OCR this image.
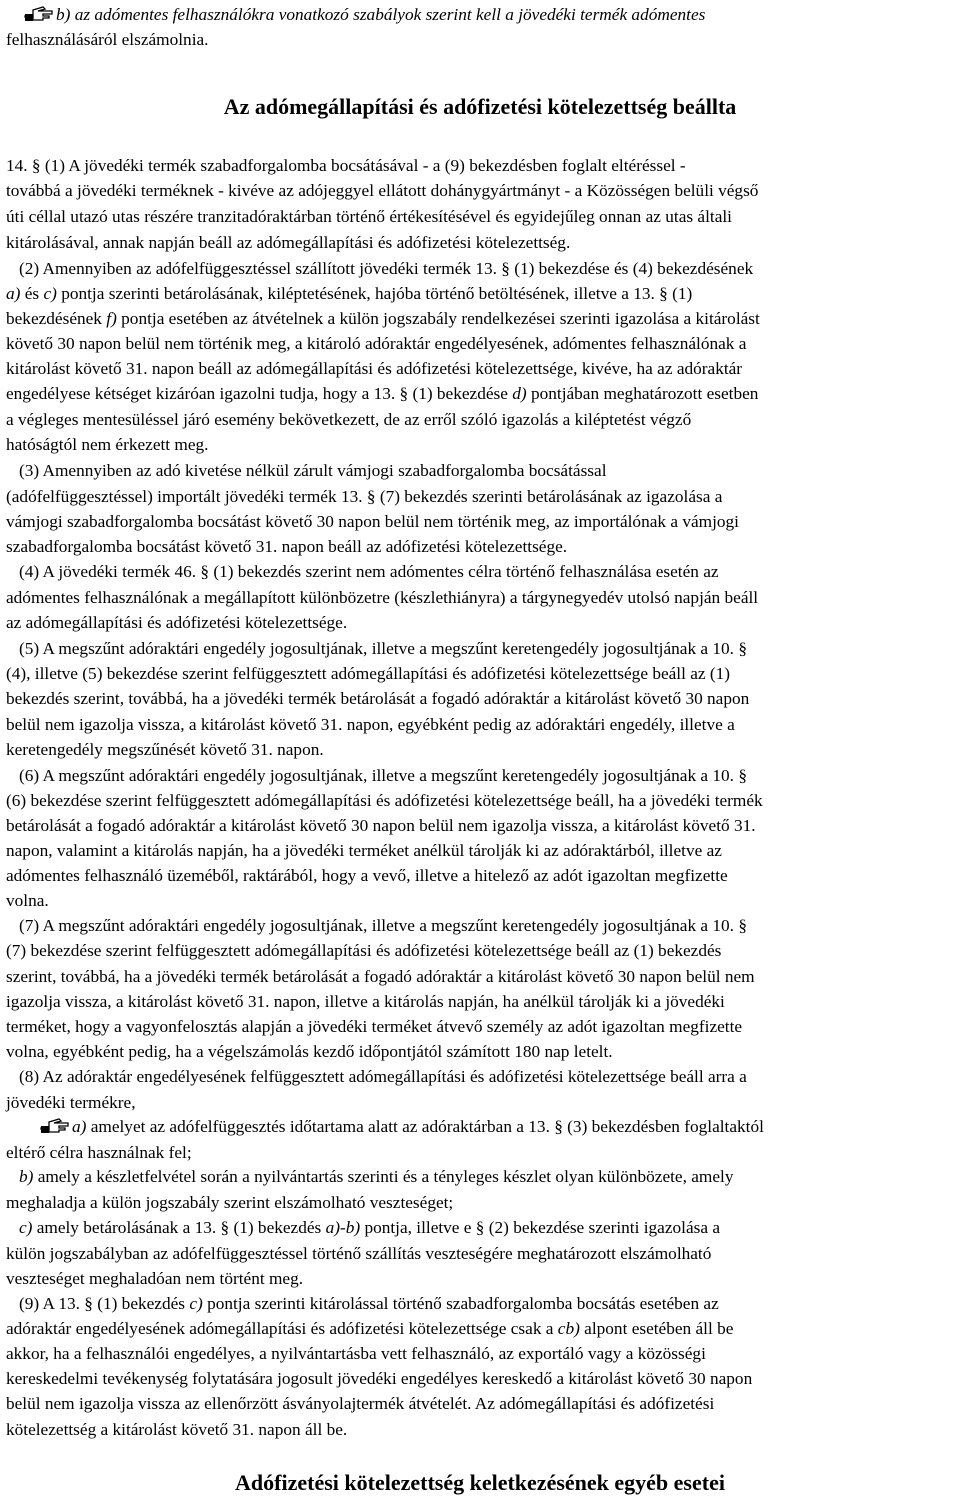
b) az adómentes felhasználókra vonatkozó szabályok szerint kell a jövedéki termék adómentes
felhasználásáról elszámolnia.
14. § (1) A jövedéki termék szabadforgalomba bocsátásával - a (9) bekezdésben foglalt eltéréssel -
továbbá a jövedéki terméknek - kivéve az adójeggyel ellátott dohánygyártmányt - a Közösségen belüli végső
úti céllal utazó utas részére tranzitadóraktárban történő értékesítésével és egyidejűleg onnan az utas általi
kitárolásával, annak napján beáll az adómegállapítási és adófizetési kötelezettség.
(2) Amennyiben az adófelfüggesztéssel szállított jövedéki termék 13. § (1) bekezdése és (4) bekezdésének
a) és c) pontja szerinti betárolásának, kiléptetésének, hajóba történő betöltésének, illetve a 13. § (1)
bekezdésének f) pontja esetében az átvételnek a külön jogszabály rendelkezései szerinti igazolása a kitárolást
követő 30 napon belül nem történik meg, a kitároló adóraktár engedélyesének, adómentes felhasználónak a
kitárolást követő 31. napon beáll az adómegállapítási és adófizetési kötelezettsége, kivéve, ha az adóraktár
engedélyese kétséget kizáróan igazolni tudja, hogy a 13. § (1) bekezdése d) pontjában meghatározott esetben
a végleges mentesüléssel járó esemény bekövetkezett, de az erről szóló igazolás a kiléptetést végző
hatóságtól nem érkezett meg.
(3) Amennyiben az adó kivetése nélkül zárult vámjogi szabadforgalomba bocsátással
(adófelfüggesztéssel) importált jövedéki termék 13. § (7) bekezdés szerinti betárolásának az igazolása a
vámjogi szabadforgalomba bocsátást követő 30 napon belül nem történik meg, az importálónak a vámjogi
szabadforgalomba bocsátást követő 31. napon beáll az adófizetési kötelezettsége.
(4) A jövedéki termék 46. § (1) bekezdés szerint nem adómentes célra történő felhasználása esetén az
adómentes felhasználónak a megállapított különbözetre (készlethiányra) a tárgynegyedév utolsó napján beáll
az adómegállapítási és adófizetési kötelezettsége.
(5) A megszűnt adóraktári engedély jogosultjának, illetve a megszűnt keretengedély jogosultjának a 10. §
(4), illetve (5) bekezdése szerint felfüggesztett adómegállapítási és adófizetési kötelezettsége beáll az (1)
bekezdés szerint, továbbá, ha a jövedéki termék betárolását a fogadó adóraktár a kitárolást követő 30 napon
belül nem igazolja vissza, a kitárolást követő 31. napon, egyébként pedig az adóraktári engedély, illetve a
keretengedély megszűnését követő 31. napon.
(6) A megszűnt adóraktári engedély jogosultjának, illetve a megszűnt keretengedély jogosultjának a 10. §
(6) bekezdése szerint felfüggesztett adómegállapítási és adófizetési kötelezettsége beáll, ha a jövedéki termék
betárolását a fogadó adóraktár a kitárolást követő 30 napon belül nem igazolja vissza, a kitárolást követő 31.
napon, valamint a kitárolás napján, ha a jövedéki terméket anélkül tárolják ki az adóraktárból, illetve az
adómentes felhasználó üzeméből, raktárából, hogy a vevő, illetve a hitelező az adót igazoltan megfizette
volna.
(7) A megszűnt adóraktári engedély jogosultjának, illetve a megszűnt keretengedély jogosultjának a 10. §
(7) bekezdése szerint felfüggesztett adómegállapítási és adófizetési kötelezettsége beáll az (1) bekezdés
szerint, továbbá, ha a jövedéki termék betárolását a fogadó adóraktár a kitárolást követő 30 napon belül nem
igazolja vissza, a kitárolást követő 31. napon, illetve a kitárolás napján, ha anélkül tárolják ki a jövedéki
terméket, hogy a vagyonfelosztás alapján a jövedéki terméket átvevő személy az adót igazoltan megfizette
volna, egyébként pedig, ha a végelszámolás kezdő időpontjától számított 180 nap letelt.
(8) Az adóraktár engedélyesének felfüggesztett adómegállapítási és adófizetési kötelezettsége beáll arra a
jövedéki termékre,
a) amelyet az adófelfüggesztés időtartama alatt az adóraktárban a 13. § (3) bekezdésben foglaltaktól
eltérő célra használnak fel;
b) amely a készletfelvétel során a nyilvántartás szerinti és a tényleges készlet olyan különbözete, amely
meghaladja a külön jogszabály szerint elszámolható veszteséget;
c) amely betárolásának a 13. § (1) bekezdés a)-b) pontja, illetve e § (2) bekezdése szerinti igazolása a
külön jogszabályban az adófelfüggesztéssel történő szállítás veszteségére meghatározott elszámolható
veszteséget meghaladóan nem történt meg.
(9) A 13. § (1) bekezdés c) pontja szerinti kitárolással történő szabadforgalomba bocsátás esetében az
adóraktár engedélyesének adómegállapítási és adófizetési kötelezettsége csak a cb) alpont esetében áll be
akkor, ha a felhasználói engedélyes, a nyilvántartásba vett felhasználó, az exportáló vagy a közösségi
kereskedelmi tevékenység folytatására jogosult jövedéki engedélyes kereskedő a kitárolást követő 30 napon
belül nem igazolja vissza az ellenőrzött ásványolajtermék átvételét. Az adómegállapítási és adófizetési
kötelezettség a kitárolást követő 31. napon áll be.
Az adómegállapítási és adófizetési kötelezettség beállta
Adófizetési kötelezettség keletkezésének egyéb esetei
